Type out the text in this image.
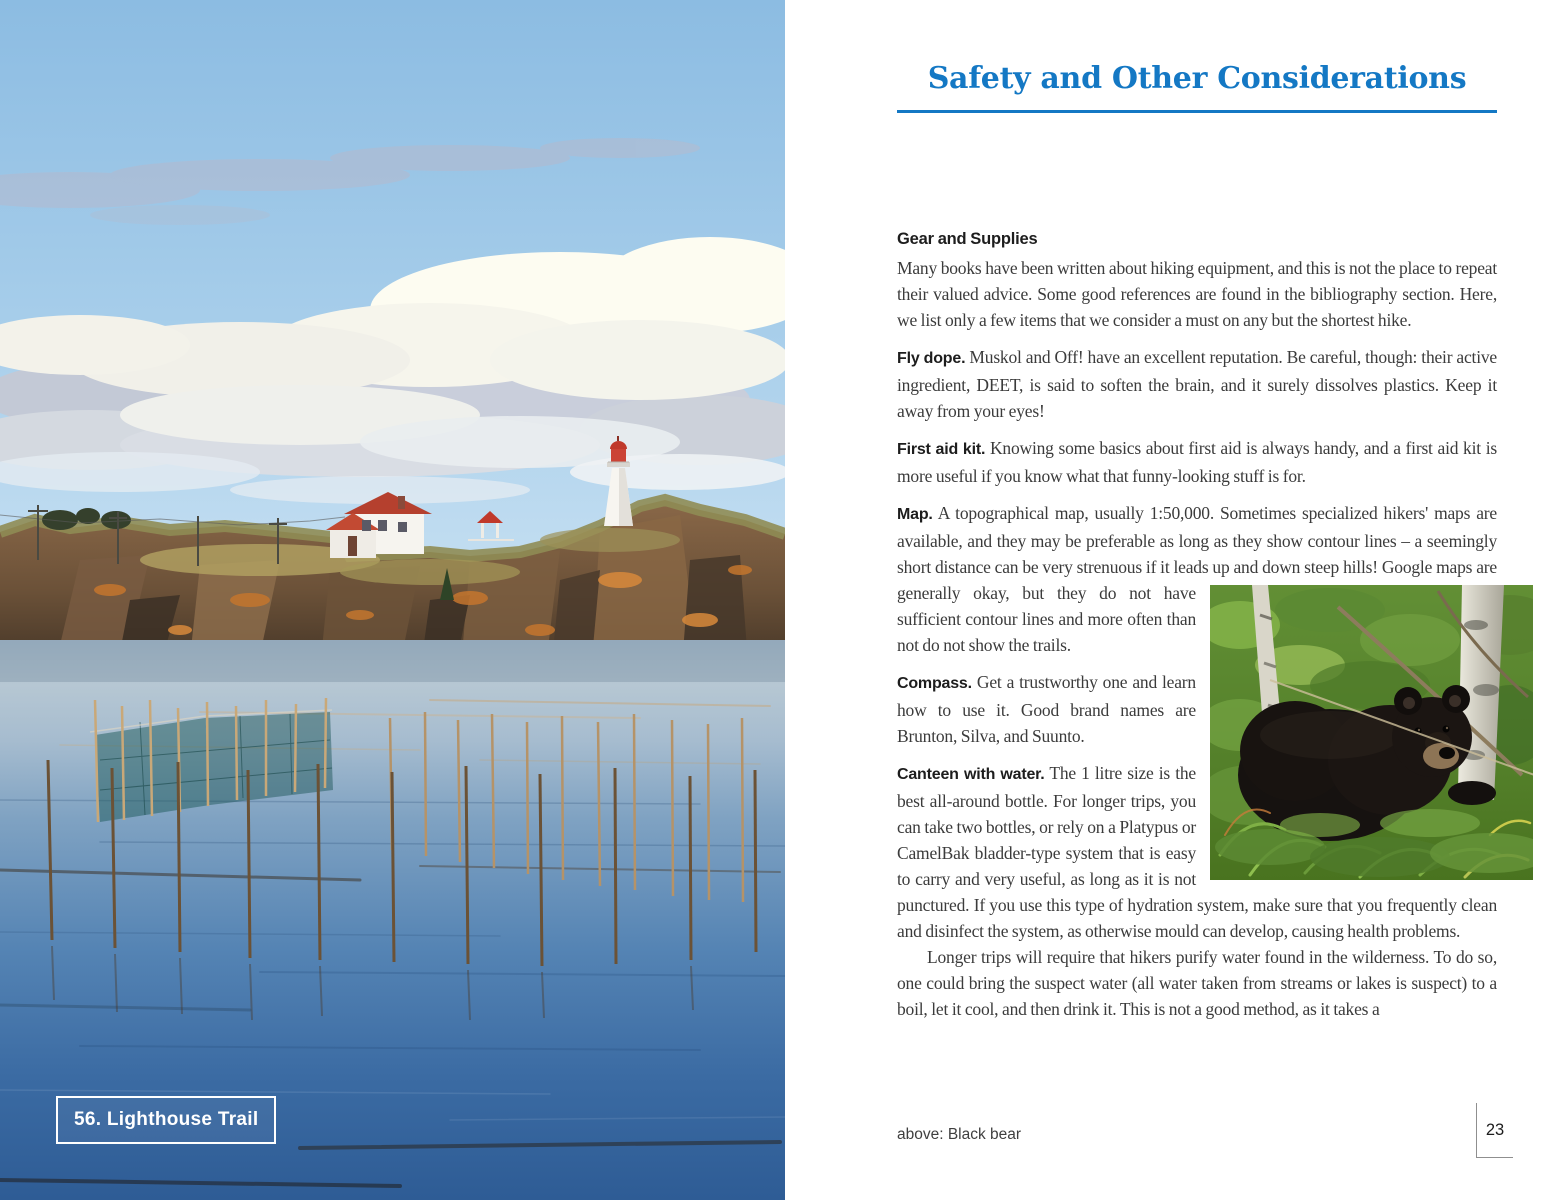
56. Lighthouse Trail
Safety and Other Considerations
Gear and Supplies

Many books have been written about hiking equipment, and this is not the place to repeat their valued advice. Some good references are found in the bibliography section. Here, we list only a few items that we consider a must on any but the shortest hike.

Fly dope. Muskol and Off! have an excellent reputation. Be careful, though: their active ingredient, DEET, is said to soften the brain, and it surely dissolves plastics. Keep it away from your eyes!

First aid kit. Knowing some basics about first aid is always handy, and a first aid kit is more useful if you know what that funny-looking stuff is for.

Map. A topographical map, usually 1:50,000. Sometimes specialized hikers' maps are available, and they may be preferable as long as they show contour lines – a seemingly short distance can be very strenuous if it leads up and down steep hills! Google maps are generally okay, but they do not have sufficient contour lines and more often than not do not show the trails.

Compass. Get a trustworthy one and learn how to use it. Good brand names are Brunton, Silva, and Suunto.

Canteen with water. The 1 litre size is the best all-around bottle. For longer trips, you can take two bottles, or rely on a Platypus or CamelBak bladder-type system that is easy to carry and very useful, as long as it is not punctured. If you use this type of hydration system, make sure that you frequently clean and disinfect the system, as otherwise mould can develop, causing health problems.

Longer trips will require that hikers purify water found in the wilderness. To do so, one could bring the suspect water (all water taken from streams or lakes is suspect) to a boil, let it cool, and then drink it. This is not a good method, as it takes a

above: Black bear	23
